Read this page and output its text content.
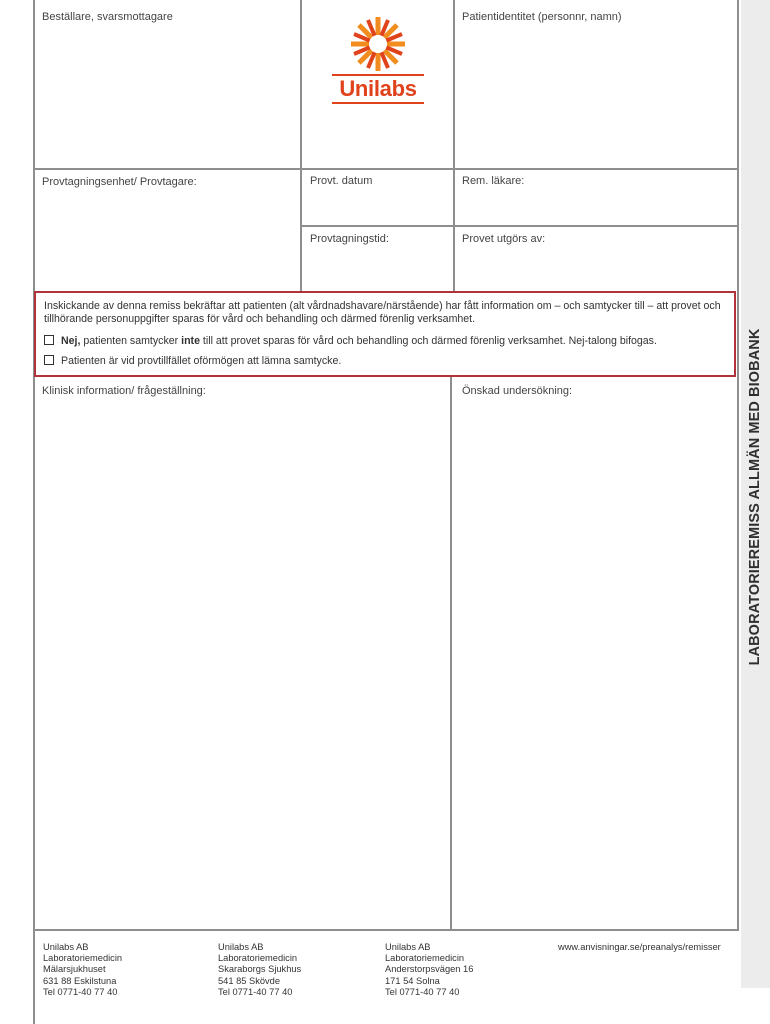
LABORATORIEREMISS ALLMÄN MED BIOBANK
Beställare, svarsmottagare	Patientidentitet (personnr, namn)
Unilabs
Provtagningsenhet/ Provtagare:	Provt. datum	Rem. läkare:
Provtagningstid:	Provet utgörs av:

Inskickande av denna remiss bekräftar att patienten (alt vårdnadshavare/närstående) har fått information om – och samtycker till – att provet och tillhörande personuppgifter sparas för vård och behandling och därmed förenlig verksamhet.

Nej, patienten samtycker inte till att provet sparas för vård och behandling och därmed förenlig verksamhet. Nej-talong bifogas.
Patienten är vid provtillfället oförmögen att lämna samtycke.
Klinisk information/ frågeställning:	Önskad undersökning:
Unilabs AB
Laboratoriemedicin
Mälarsjukhuset
631 88 Eskilstuna
Tel 0771-40 77 40
Unilabs AB
Laboratoriemedicin
Skaraborgs Sjukhus
541 85 Skövde
Tel 0771-40 77 40
Unilabs AB
Laboratoriemedicin
Anderstorpsvägen 16
171 54 Solna
Tel 0771-40 77 40
www.anvisningar.se/preanalys/remisser
